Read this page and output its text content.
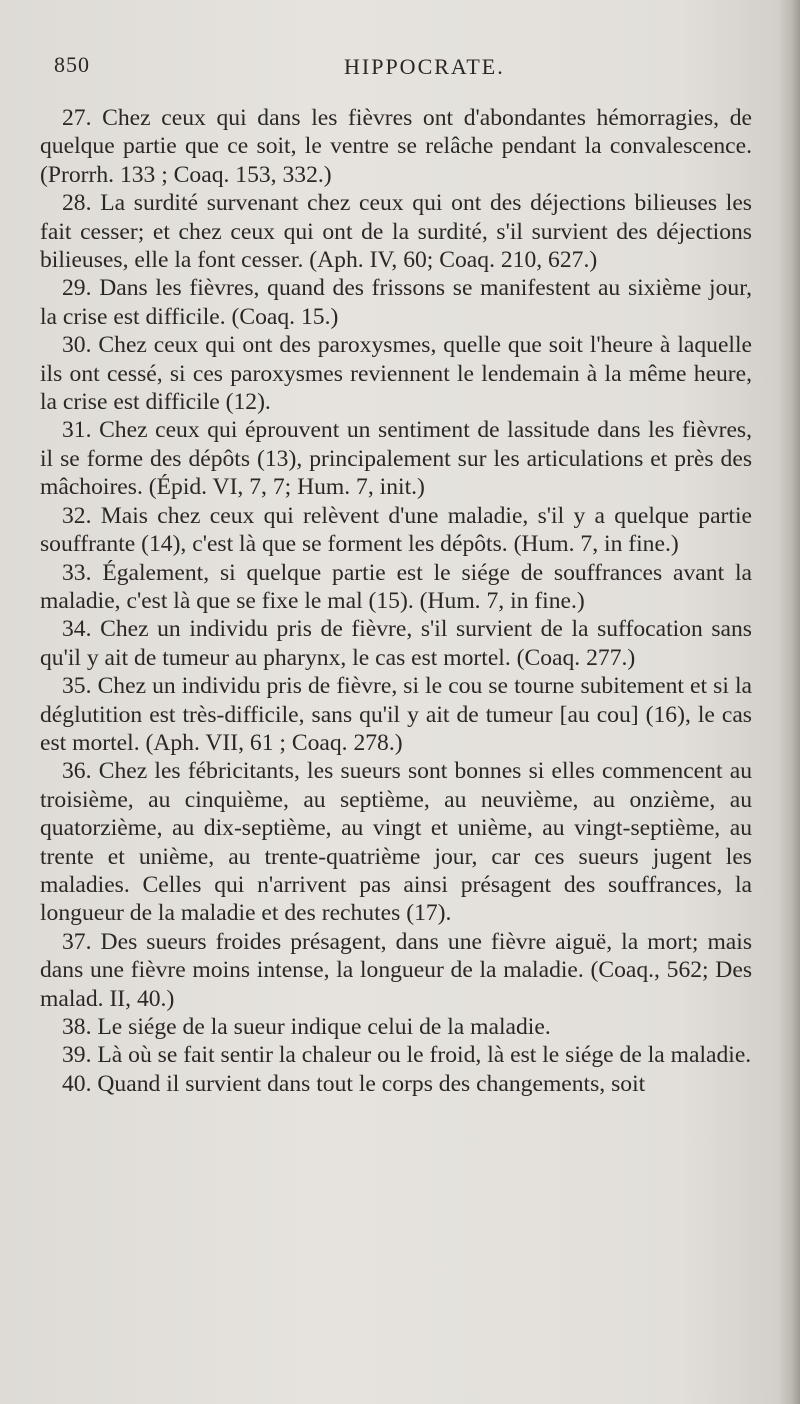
850	HIPPOCRATE.

27. Chez ceux qui dans les fièvres ont d'abondantes hémorragies, de quelque partie que ce soit, le ventre se relâche pendant la convalescence. (Prorrh. 133 ; Coaq. 153, 332.)

28. La surdité survenant chez ceux qui ont des déjections bilieuses les fait cesser; et chez ceux qui ont de la surdité, s'il survient des déjections bilieuses, elle la font cesser. (Aph. IV, 60; Coaq. 210, 627.)

29. Dans les fièvres, quand des frissons se manifestent au sixième jour, la crise est difficile. (Coaq. 15.)

30. Chez ceux qui ont des paroxysmes, quelle que soit l'heure à laquelle ils ont cessé, si ces paroxysmes reviennent le lendemain à la même heure, la crise est difficile (12).

31. Chez ceux qui éprouvent un sentiment de lassitude dans les fièvres, il se forme des dépôts (13), principalement sur les articulations et près des mâchoires. (Épid. VI, 7, 7; Hum. 7, init.)

32. Mais chez ceux qui relèvent d'une maladie, s'il y a quelque partie souffrante (14), c'est là que se forment les dépôts. (Hum. 7, in fine.)

33. Également, si quelque partie est le siége de souffrances avant la maladie, c'est là que se fixe le mal (15). (Hum. 7, in fine.)

34. Chez un individu pris de fièvre, s'il survient de la suffocation sans qu'il y ait de tumeur au pharynx, le cas est mortel. (Coaq. 277.)

35. Chez un individu pris de fièvre, si le cou se tourne subitement et si la déglutition est très-difficile, sans qu'il y ait de tumeur [au cou] (16), le cas est mortel. (Aph. VII, 61 ; Coaq. 278.)

36. Chez les fébricitants, les sueurs sont bonnes si elles commencent au troisième, au cinquième, au septième, au neuvième, au onzième, au quatorzième, au dix-septième, au vingt et unième, au vingt-septième, au trente et unième, au trente-quatrième jour, car ces sueurs jugent les maladies. Celles qui n'arrivent pas ainsi présagent des souffrances, la longueur de la maladie et des rechutes (17).

37. Des sueurs froides présagent, dans une fièvre aiguë, la mort; mais dans une fièvre moins intense, la longueur de la maladie. (Coaq., 562; Des malad. II, 40.)

38. Le siége de la sueur indique celui de la maladie.

39. Là où se fait sentir la chaleur ou le froid, là est le siége de la maladie.

40. Quand il survient dans tout le corps des changements, soit
